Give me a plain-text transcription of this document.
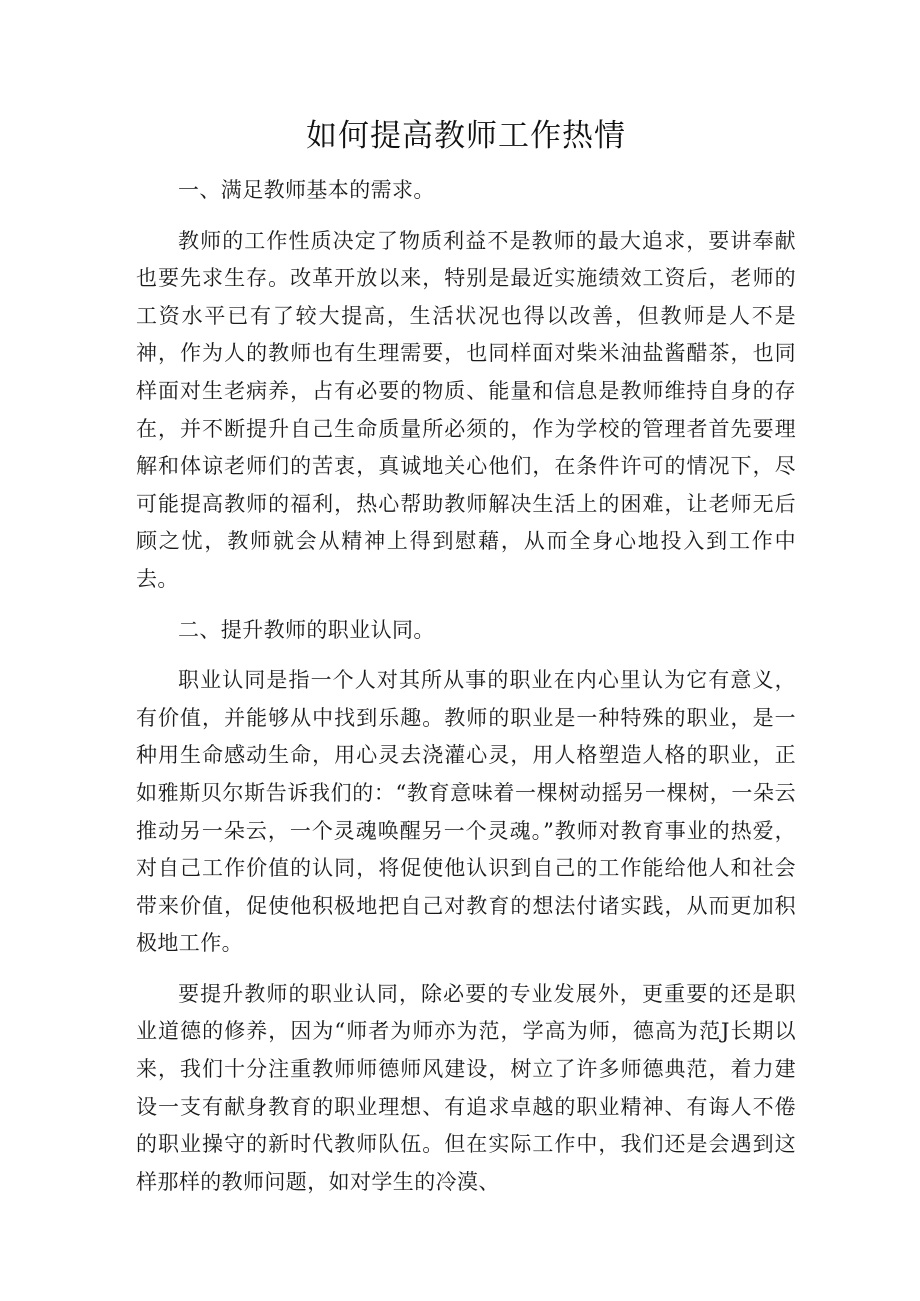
如何提高教师工作热情

一、满足教师基本的需求。

教师的工作性质决定了物质利益不是教师的最大追求，要讲奉献也要先求生存。改革开放以来，特别是最近实施绩效工资后，老师的工资水平已有了较大提高，生活状况也得以改善，但教师是人不是神，作为人的教师也有生理需要，也同样面对柴米油盐酱醋茶，也同样面对生老病养，占有必要的物质、能量和信息是教师维持自身的存在，并不断提升自己生命质量所必须的，作为学校的管理者首先要理解和体谅老师们的苦衷，真诚地关心他们，在条件许可的情况下，尽可能提高教师的福利，热心帮助教师解决生活上的困难，让老师无后顾之忧，教师就会从精神上得到慰藉，从而全身心地投入到工作中去。

二、提升教师的职业认同。

职业认同是指一个人对其所从事的职业在内心里认为它有意义，有价值，并能够从中找到乐趣。教师的职业是一种特殊的职业，是一种用生命感动生命，用心灵去浇灌心灵，用人格塑造人格的职业，正如雅斯贝尔斯告诉我们的：“教育意味着一棵树动摇另一棵树，一朵云推动另一朵云，一个灵魂唤醒另一个灵魂。”教师对教育事业的热爱，对自己工作价值的认同，将促使他认识到自己的工作能给他人和社会带来价值，促使他积极地把自己对教育的想法付诸实践，从而更加积极地工作。

要提升教师的职业认同，除必要的专业发展外，更重要的还是职业道德的修养，因为“师者为师亦为范，学高为师，德高为范J长期以来，我们十分注重教师师德师风建设，树立了许多师德典范，着力建设一支有献身教育的职业理想、有追求卓越的职业精神、有诲人不倦的职业操守的新时代教师队伍。但在实际工作中，我们还是会遇到这样那样的教师问题，如对学生的冷漠、
